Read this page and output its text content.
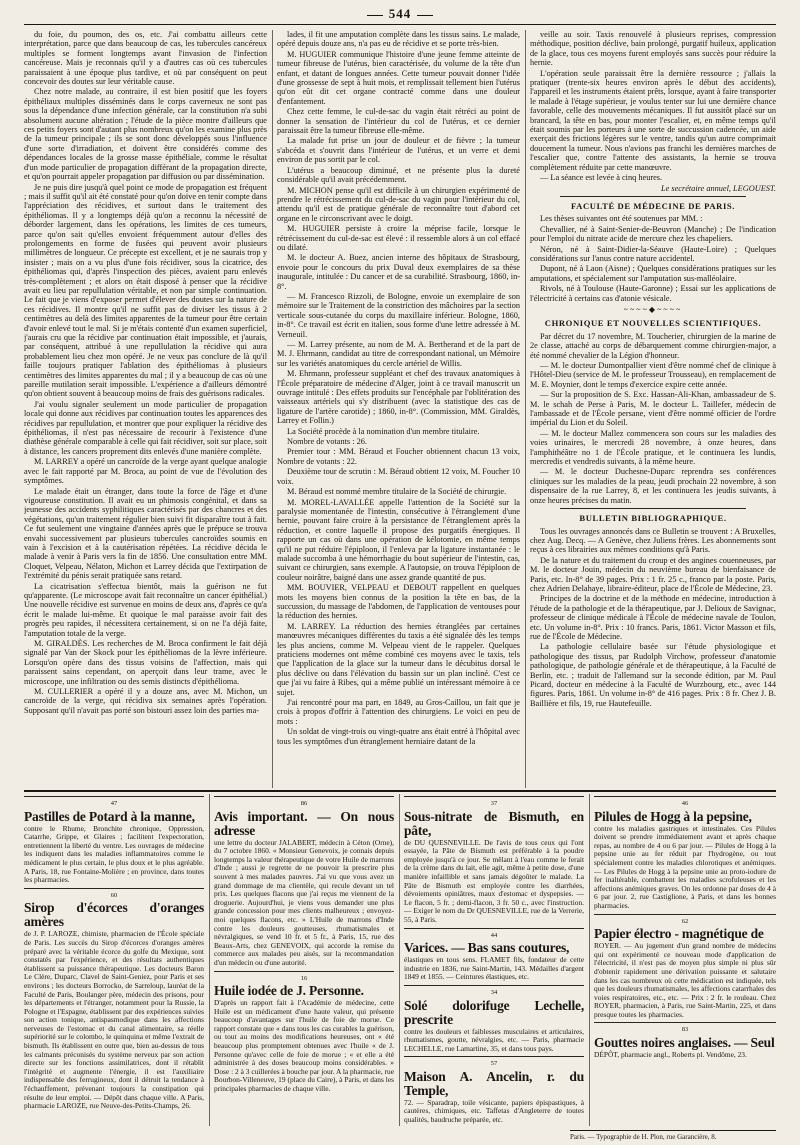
544

du foie, du poumon, des os, etc. J'ai combattu ailleurs cette interprétation, parce que dans beaucoup de cas, les tubercules cancéreux multiples se forment longtemps avant l'invasion de l'infection cancéreuse. Mais je reconnais qu'il y a d'autres cas où ces tubercules paraissaient à une époque plus tardive, et où par conséquent on peut concevoir des doutes sur leur véritable cause.

Chez notre malade, au contraire, il est bien positif que les foyers épithéliaux multiples disséminés dans le corps caverneux ne sont pas sous la dépendance d'une infection générale, car la constitution n'a subi absolument aucune altération ; l'étude de la pièce montre d'ailleurs que ces petits foyers sont d'autant plus nombreux qu'on les examine plus près de la tumeur principale ; ils se sont donc développés sous l'influence d'une sorte d'irradiation, et doivent être considérés comme des dépendances locales de la grosse masse épithéliale, comme le résultat d'un mode particulier de propagation différant de la propagation directe, et qu'on pourrait appeler propagation par diffusion ou par dissémination.

Je ne puis dire jusqu'à quel point ce mode de propagation est fréquent ; mais il suffit qu'il ait été constaté pour qu'on doive en tenir compte dans l'appréciation des récidives, et surtout dans le traitement des épithéliomas. Il y a longtemps déjà qu'on a reconnu la nécessité de déborder largement, dans les opérations, les limites de ces tumeurs, parce qu'on sait qu'elles envoient fréquemment autour d'elles des prolongements en forme de fusées qui peuvent avoir plusieurs millimètres de longueur. Ce précepte est excellent, et je ne saurais trop y insister ; mais on a vu plus d'une fois récidiver, sous la cicatrice, des épithéliomas qui, d'après l'inspection des pièces, avaient paru enlevés très-complètement ; et alors on était disposé à penser que la récidive avait eu lieu par repullulation véritable, et non par simple continuation. Le fait que je viens d'exposer permet d'élever des doutes sur la nature de ces récidives. Il montre qu'il ne suffit pas de diviser les tissus à 2 centimètres au delà des limites apparentes de la tumeur pour être certain d'avoir enlevé tout le mal. Si je m'étais contenté d'un examen superficiel, j'aurais cru que la récidive par continuation était impossible, et j'aurais, par conséquent, attribué à une repullulation la récidive qui aura probablement lieu chez mon opéré. Je ne veux pas conclure de là qu'il faille toujours pratiquer l'ablation des épithéliomas à plusieurs centimètres des limites apparentes du mal ; il y a beaucoup de cas où une pareille mutilation serait impossible. L'expérience a d'ailleurs démontré qu'on obtient souvent à beaucoup moins de frais des guérisons radicales.

J'ai voulu signaler seulement un mode particulier de propagation locale qui donne aux récidives par continuation toutes les apparences des récidives par repullulation, et montrer que pour expliquer la récidive des épithéliomas, il n'est pas nécessaire de recourir à l'existence d'une diathèse générale comparable à celle qui fait récidiver, soit sur place, soit à distance, les cancers proprement dits enlevés d'une manière complète.

M. LARREY a opéré un cancroïde de la verge ayant quelque analogie avec le fait rapporté par M. Broca, au point de vue de l'évolution des symptômes.

Le malade était un étranger, dans toute la force de l'âge et d'une vigoureuse constitution. Il avait eu un phimosis congénital, et dans sa jeunesse des accidents syphilitiques caractérisés par des chancres et des végétations, qu'un traitement régulier bien suivi fit disparaître tout à fait. Ce fut seulement une vingtaine d'années après que le prépuce se trouva envahi successivement par plusieurs tubercules cancroïdes soumis en vain à l'excision et à la cautérisation répétées. La récidive décida le malade à venir à Paris vers la fin de 1856. Une consultation entre MM. Cloquet, Velpeau, Nélaton, Michon et Larrey décida que l'extirpation de l'extrémité du pénis serait pratiquée sans retard.

La cicatrisation s'effectua bientôt, mais la guérison ne fut qu'apparente. (Le microscope avait fait reconnaître un cancer épithélial.) Une nouvelle récidive est survenue en moins de deux ans, d'après ce qu'a écrit le malade lui-même. Et quoique le mal paraisse avoir fait des progrès peu rapides, il nécessitera certainement, si on ne l'a déjà faite, l'amputation totale de la verge.

M. GIRALDÈS. Les recherches de M. Broca confirment le fait déjà signalé par Van der Skock pour les épithéliomas de la lèvre inférieure. Lorsqu'on opère dans des tissus voisins de l'affection, mais qui paraissent sains cependant, on aperçoit dans leur trame, avec le microscope, une infiltration ou des semis distincts d'épithélioma.

M. CULLERIER a opéré il y a douze ans, avec M. Michon, un cancroïde de la verge, qui récidiva six semaines après l'opération. Supposant qu'il n'avait pas porté son bistouri assez loin des parties ma-

lades, il fit une amputation complète dans les tissus sains. Le malade, opéré depuis douze ans, n'a pas eu de récidive et se porte très-bien.

M. HUGUIER communique l'histoire d'une jeune femme atteinte de tumeur fibreuse de l'utérus, bien caractérisée, du volume de la tête d'un enfant, et datant de longues années. Cette tumeur pouvait donner l'idée d'une grossesse de sept à huit mois, et remplissait tellement bien l'utérus qu'on eût dit cet organe contracté comme dans une douleur d'enfantement.

Chez cette femme, le cul-de-sac du vagin était rétréci au point de donner la sensation de l'intérieur du col de l'utérus, et ce dernier paraissait être la tumeur fibreuse elle-même.

La malade fut prise un jour de douleur et de fièvre ; la tumeur s'abcéda et s'ouvrit dans l'intérieur de l'utérus, et un verre et demi environ de pus sortit par le col.

L'utérus a beaucoup diminué, et ne présente plus la dureté considérable qu'il avait précédemment.

M. MICHON pense qu'il est difficile à un chirurgien expérimenté de prendre le rétrécissement du cul-de-sac du vagin pour l'intérieur du col, attendu qu'il est de pratique générale de reconnaître tout d'abord cet organe en le circonscrivant avec le doigt.

M. HUGUIER persiste à croire la méprise facile, lorsque le rétrécissement du cul-de-sac est élevé : il ressemble alors à un col effacé ou dilaté.

M. le docteur A. Buez, ancien interne des hôpitaux de Strasbourg, envoie pour le concours du prix Duval deux exemplaires de sa thèse inaugurale, intitulée : Du cancer et de sa curabilité. Strasbourg, 1860, in-8°.

— M. Francesco Rizzoli, de Bologne, envoie un exemplaire de son mémoire sur le Traitement de la constriction des mâchoires par la section verticale sous-cutanée du corps du maxillaire inférieur. Bologne, 1860, in-8°. Ce travail est écrit en italien, sous forme d'une lettre adressée à M. Verneuil.

— M. Larrey présente, au nom de M. A. Bertherand et de la part de M. J. Ehrmann, candidat au titre de correspondant national, un Mémoire sur les variétés anatomiques du cercle artériel de Willis.

M. Ehrmann, professeur suppléant et chef des travaux anatomiques à l'École préparatoire de médecine d'Alger, joint à ce travail manuscrit un ouvrage intitulé : Des effets produits sur l'encéphale par l'oblitération des vaisseaux artériels qui s'y distribuent (avec la statistique des cas de ligature de l'artère carotide) ; 1860, in-8°. (Commission, MM. Giraldès, Larrey et Follin.)

La Société procède à la nomination d'un membre titulaire.

Nombre de votants : 26.

Premier tour : MM. Béraud et Foucher obtiennent chacun 13 voix, Nombre de votants : 22.

Deuxième tour de scrutin : M. Béraud obtient 12 voix, M. Foucher 10 voix.

M. Béraud est nommé membre titulaire de la Société de chirurgie.

M. MOREL-LAVALLÉE appelle l'attention de la Société sur la paralysie momentanée de l'intestin, consécutive à l'étranglement d'une hernie, pouvant faire croire à la persistance de l'étranglement après la réduction, et contre laquelle il propose des purgatifs énergiques. Il rapporte un cas où dans une opération de kélotomie, en même temps qu'il ne put réduire l'épiploon, il l'enleva par la ligature instantanée : le malade succomba à une hémorrhagie du bout supérieur de l'intestin, cas, suivant ce chirurgien, sans exemple. A l'autopsie, on trouva l'épiploon de couleur noirâtre, baigné dans une assez grande quantité de pus.

MM. BOUVIER, VELPEAU et DEBOUT rappellent en quelques mots les moyens bien connus de la position la tête en bas, de la succussion, du massage de l'abdomen, de l'application de ventouses pour la réduction des hernies.

M. LARREY. La réduction des hernies étranglées par certaines manœuvres mécaniques différentes du taxis a été signalée dès les temps les plus anciens, comme M. Velpeau vient de le rappeler. Quelques praticiens modernes ont même combiné ces moyens avec le taxis, tels que l'application de la glace sur la tumeur dans le décubitus dorsal le plus déclive ou dans l'élévation du bassin sur un plan incliné. C'est ce que j'ai vu faire à Ribes, qui a même publié un intéressant mémoire à ce sujet.

J'ai rencontré pour ma part, en 1849, au Gros-Caillou, un fait que je crois à propos d'offrir à l'attention des chirurgiens. Le voici en peu de mots :

Un soldat de vingt-trois ou vingt-quatre ans était entré à l'hôpital avec tous les symptômes d'un étranglement herniaire datant de la

veille au soir. Taxis renouvelé à plusieurs reprises, compression méthodique, position déclive, bain prolongé, purgatif huileux, application de la glace, tous ces moyens furent employés sans succès pour réduire la hernie.

L'opération seule paraissait être la dernière ressource ; j'allais la pratiquer (trente-six heures environ après le début des accidents), l'appareil et les instruments étaient prêts, lorsque, ayant à faire transporter le malade à l'étage supérieur, je voulus tenter sur lui une dernière chance favorable, celle des mouvements mécaniques. Il fut aussitôt placé sur un brancard, la tête en bas, pour monter l'escalier, et, en même temps qu'il était soumis par les porteurs à une sorte de succussion cadencée, un aide exerçait des frictions légères sur le ventre, tandis qu'un autre comprimait doucement la tumeur. Nous n'avions pas franchi les dernières marches de l'escalier que, contre l'attente des assistants, la hernie se trouva complètement réduite par cette manœuvre.

— La séance est levée à cinq heures.

Le secrétaire annuel, LEGOUEST.

FACULTÉ DE MÉDECINE DE PARIS.

Les thèses suivantes ont été soutenues par MM. :

Chevallier, né à Saint-Senier-de-Beuvron (Manche) ; De l'indication pour l'emploi du nitrate acide de mercure chez les chapeliers.

Néron, né à Saint-Didier-la-Séauve (Haute-Loire) ; Quelques considérations sur l'anus contre nature accidentel.

Dupont, né à Laon (Aisne) ; Quelques considérations pratiques sur les amputations, et spécialement sur l'amputation sus-malléolaire.

Rivols, né à Toulouse (Haute-Garonne) ; Essai sur les applications de l'électricité à certains cas d'atonie vésicale.

~~~~◆~~~~
CHRONIQUE ET NOUVELLES SCIENTIFIQUES.

Par décret du 17 novembre, M. Toucherier, chirurgien de la marine de 2e classe, attaché au corps de débarquement comme chirurgien-major, a été nommé chevalier de la Légion d'honneur.

— M. le docteur Dumontpallier vient d'être nommé chef de clinique à l'Hôtel-Dieu (service de M. le professeur Trousseau), en remplacement de M. E. Moynier, dont le temps d'exercice expire cette année.

— Sur la proposition de S. Exc. Hassan-Ali-Khan, ambassadeur de S. M. le schah de Perse à Paris, M. le docteur L. Taillefer, médecin de l'ambassade et de l'École persane, vient d'être nommé officier de l'ordre impérial du Lion et du Soleil.

— M. le docteur Mallez commencera son cours sur les maladies des voies urinaires, le mercredi 28 novembre, à onze heures, dans l'amphithéâtre no 1 de l'École pratique, et le continuera les lundis, mercredis et vendredis suivants, à la même heure.

— M. le docteur Duchesne-Duparc reprendra ses conférences cliniques sur les maladies de la peau, jeudi prochain 22 novembre, à son dispensaire de la rue Larrey, 8, et les continuera les jeudis suivants, à onze heures précises du matin.

BULLETIN BIBLIOGRAPHIQUE.

Tous les ouvrages annoncés dans ce Bulletin se trouvent : A Bruxelles, chez Aug. Decq. — A Genève, chez Juliens frères. Les abonnements sont reçus à ces librairies aux mêmes conditions qu'à Paris.

De la nature et du traitement du croup et des angines couenneuses, par M. le docteur Jouin, médecin du neuvième bureau de bienfaisance de Paris, etc. In-8° de 39 pages. Prix : 1 fr. 25 c., franco par la poste. Paris, chez Adrien Delahaye, libraire-éditeur, place de l'École de Médecine, 23.

Principes de la doctrine et de la méthode en médecine, introduction à l'étude de la pathologie et de la thérapeutique, par J. Delioux de Savignac, professeur de clinique médicale à l'École de médecine navale de Toulon, etc. Un volume in-8°. Prix : 10 francs. Paris, 1861. Victor Masson et fils, rue de l'École de Médecine.

La pathologie cellulaire basée sur l'étude physiologique et pathologique des tissus, par Rudolph Virchow, professeur d'anatomie pathologique, de pathologie générale et de thérapeutique, à la Faculté de Berlin, etc. ; traduit de l'allemand sur la seconde édition, par M. Paul Picard, docteur en médecine à la Faculté de Wurzbourg, etc., avec 144 figures. Paris, 1861. Un volume in-8° de 416 pages. Prix : 8 fr. Chez J. B. Baillière et fils, 19, rue Hautefeuille.

47
Pastilles de Potard à la manne,
contre le Rhume, Bronchite chronique, Oppression, Catarrhe, Grippe, et Glaires ; facilitent l'expectoration, entretiennent la liberté du ventre. Les ouvrages de médecine les indiquent dans les maladies inflammatoires comme le médicament le plus certain, le plus doux et le plus agréable. A Paris, 18, rue Fontaine-Molière ; en province, dans toutes les pharmacies.
60
Sirop d'écorces d'oranges amères
de J. P. LAROZE, chimiste, pharmacien de l'École spéciale de Paris. Les succès du Sirop d'écorces d'oranges amères préparé avec la véritable écorce du golfe du Mexique, sont constatés par l'expérience, et des résultats authentiques établissent sa puissance thérapeutique. Les docteurs Baron Le Clère, Duparc, Clavel de Saint-Geniez, pour Paris et ses environs ; les docteurs Borrocko, de Sarreloup, lauréat de la Faculté de Paris, Boulanger père, médecin des prisons, pour les départements et l'étranger, notamment pour la Russie, la Pologne et l'Espagne, établissent par des expériences suivies son action tonique, antispasmodique dans les affections nerveuses de l'estomac et du canal alimentaire, sa réelle supériorité sur le colombo, le quinquina et même l'extrait de bismuth. Ils établissent en outre que, bien au-dessus de tous les calmants préconisés du système nerveux par son action directe sur les fonctions assimilatrices, dont il rétablit l'intégrité et augmente l'énergie, il est l'auxiliaire indispensable des ferrugineux, dont il détruit la tendance à l'échauffement, prévenant toujours la constipation qui résulte de leur emploi. — Dépôt dans chaque ville. A Paris, pharmacie LAROZE, rue Neuve-des-Petits-Champs, 26.
86
Avis important. — On nous adresse
une lettre du docteur JALABERT, médecin à Céton (Orne), du 7 octobre 1860. « Monsieur Genevoix, je connais depuis longtemps la valeur thérapeutique de votre Huile de marrons d'Inde ; aussi je regrette de ne pouvoir la prescrire plus souvent à mes malades pauvres. J'ai vu que vous avez un grand dommage de ma clientèle, qui recule devant un tel prix. Les quelques flacons que j'ai reçus me viennent de la droguerie. Aujourd'hui, je viens vous demander une plus grande concession pour mes clients malheureux ; envoyez-moi quelques flacons, etc. » L'Huile de marrons d'Inde contre les douleurs goutteuses, rhumatismales et névralgiques, se vend 10 fr. et 5 fr., à Paris, 15, rue des Beaux-Arts, chez GENEVOIX, qui accorde la remise du commerce aux malades peu aisés, sur la recommandation d'un médecin ou d'une autorité.
16
Huile iodée de J. Personne.
D'après un rapport fait à l'Académie de médecine, cette Huile est un médicament d'une haute valeur, qui présente beaucoup d'avantages sur l'huile de foie de morue. Ce rapport constate que « dans tous les cas curables la guérison, ou tout au moins des modifications heureuses, ont « été beaucoup plus promptement obtenues avec l'huile « de J. Personne qu'avec celle de foie de morue ; « et elle a été administrée à des doses beaucoup moins considérables. » Dose : 2 à 3 cuillerées à bouche par jour. A la pharmacie, rue Bourbon-Villeneuve, 19 (place du Caire), à Paris, et dans les principales pharmacies de chaque ville.
37
Sous-nitrate de Bismuth, en pâte,
de DU QUESNEVILLE. De l'avis de tous ceux qui l'ont essayée, la Pâte de Bismuth est préférable à la poudre employée jusqu'à ce jour. Se mêlant à l'eau comme le ferait de la crème dans du lait, elle agit, même à petite dose, d'une manière infaillible et sans jamais dégoûter le malade. La Pâte de Bismuth est employée contre les diarrhées, dévoiements opiniâtres, maux d'estomac et dyspepsies. — Le flacon, 5 fr. ; demi-flacon, 3 fr. 50 c., avec l'instruction. — Exiger le nom du Dr QUESNEVILLE, rue de la Verrerie, 55, à Paris.
44
Varices. — Bas sans coutures,
élastiques en tous sens. FLAMET fils, fondateur de cette industrie en 1836, rue Saint-Martin, 143. Médailles d'argent 1849 et 1855. — Ceintures élastiques, etc.
34
Solé dolorifuge Lechelle, prescrite
contre les douleurs et faiblesses musculaires et articulaires, rhumatismes, goutte, névralgies, etc. — Paris, pharmacie LECHELLE, rue Lamartine, 35, et dans tous pays.
57
Maison A. Ancelin, r. du Temple,
72. — Sparadrap, toile vésicante, papiers épispastiques, à cautères, chimiques, etc. Taffetas d'Angleterre de toutes qualités, baudruche préparée, etc.
46
Pilules de Hogg à la pepsine,
contre les maladies gastriques et intestinales. Ces Pilules doivent se prendre immédiatement avant et après chaque repas, au nombre de 4 ou 6 par jour. — Pilules de Hogg à la pepsine unie au fer réduit par l'hydrogène, ou tout spécialement contre les maladies chlorotiques et anémiques. — Les Pilules de Hogg à la pepsine unie au proto-iodure de fer inaltérable, combattent les maladies scrofuleuses et les affections anémiques graves. On les ordonne par doses de 4 à 6 par jour. 2, rue Castiglione, à Paris, et dans les bonnes pharmacies.
62
Papier électro - magnétique de
ROYER. — Au jugement d'un grand nombre de médecins qui ont expérimenté ce nouveau mode d'application de l'électricité, il n'est pas de moyen plus simple ni plus sûr d'obtenir rapidement une dérivation puissante et salutaire dans les cas nombreux où cette médication est indiquée, tels que les douleurs rhumatismales, les affections catarrhales des voies respiratoires, etc., etc. — Prix : 2 fr. le rouleau. Chez ROYER, pharmacien, à Paris, rue Saint-Martin, 225, et dans presque toutes les pharmacies.
83
Gouttes noires anglaises. — Seul
DÉPÔT, pharmacie angl., Roberts pl. Vendôme, 23.
Paris. — Typographie de H. Plon, rue Garancière, 8.
